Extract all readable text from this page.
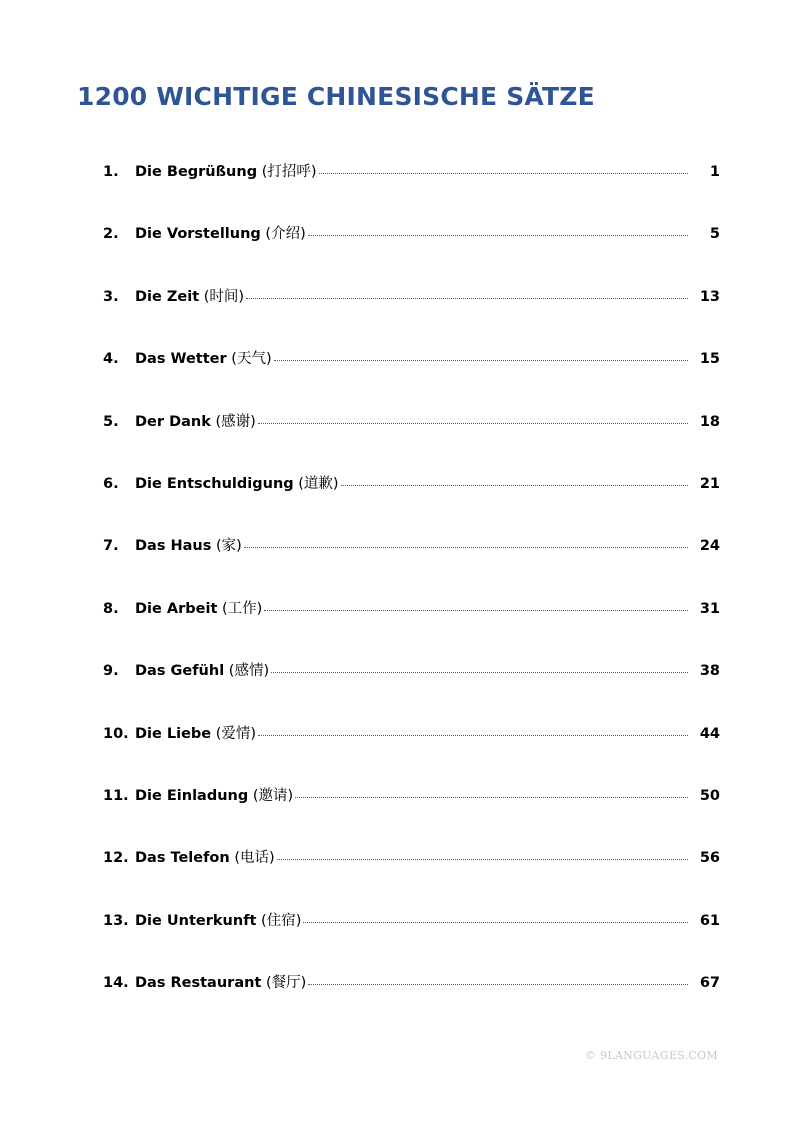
1200 WICHTIGE CHINESISCHE SÄTZE
1.	Die Begrüßung (打招呼)	1
2.	Die Vorstellung (介绍)	5
3.	Die Zeit (时间)	13
4.	Das Wetter (天气)	15
5.	Der Dank (感谢)	18
6.	Die Entschuldigung (道歉)	21
7.	Das Haus (家)	24
8.	Die Arbeit (工作)	31
9.	Das Gefühl (感情)	38
10. Die Liebe (爱情)	44
11. Die Einladung (邀请)	50
12. Das Telefon (电话)	56
13. Die Unterkunft (住宿)	61
14. Das Restaurant (餐厅)	67
© 9LANGUAGES.COM
